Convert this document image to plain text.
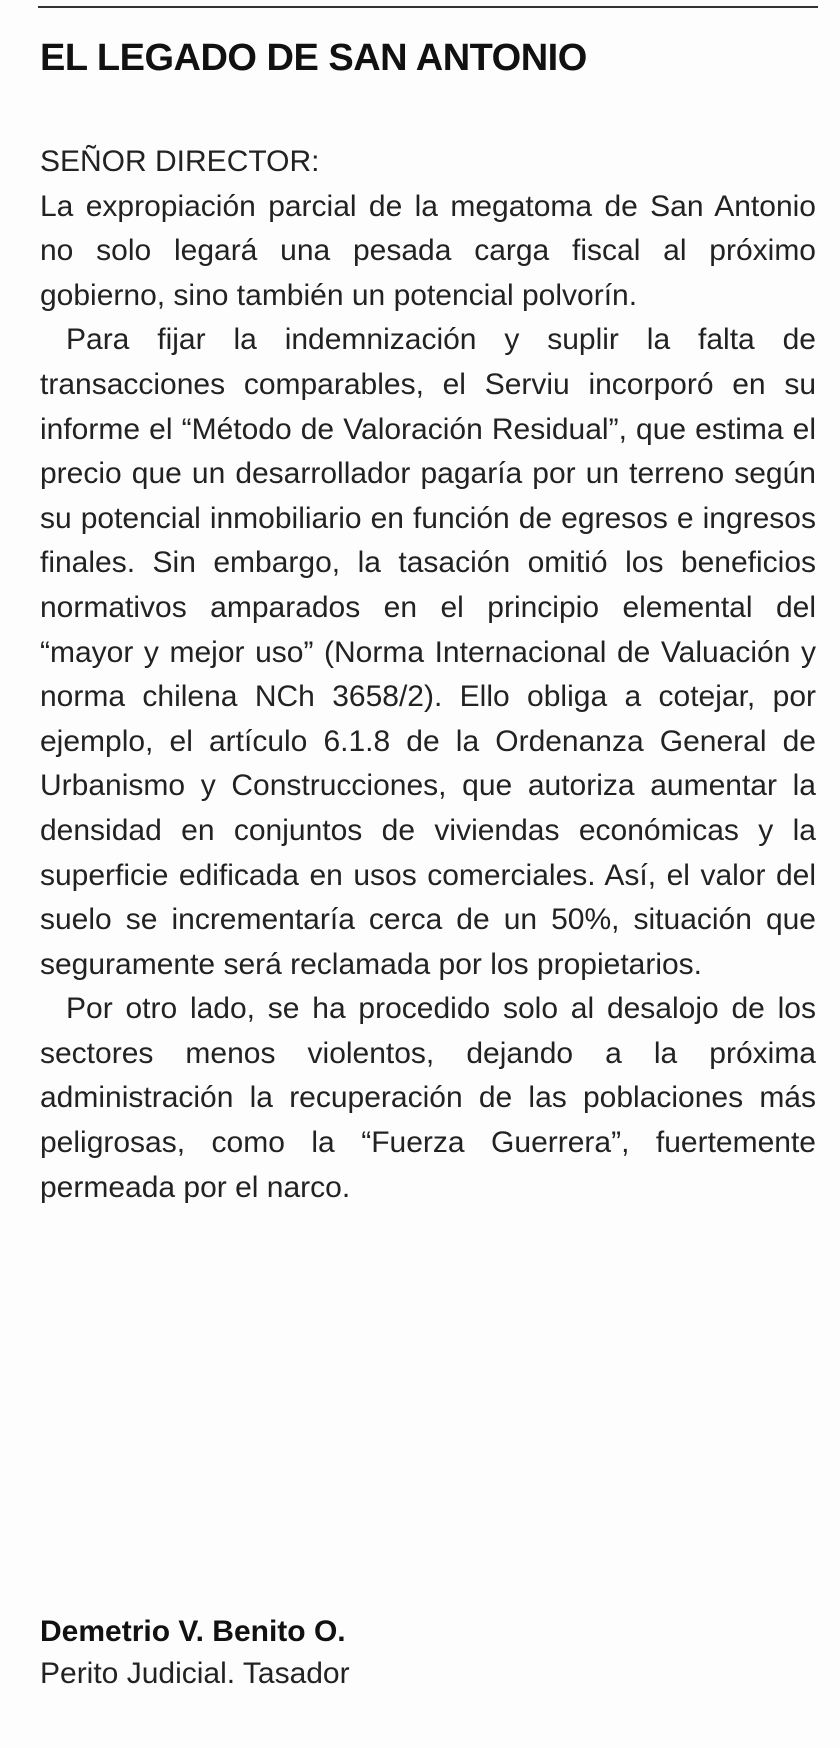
EL LEGADO DE SAN ANTONIO

SEÑOR DIRECTOR:

La expropiación parcial de la megatoma de San Antonio no solo legará una pesada carga fiscal al próximo gobierno, sino también un potencial polvorín.

Para fijar la indemnización y suplir la falta de transacciones comparables, el Serviu incorporó en su informe el “Método de Valoración Residual”, que estima el precio que un desarrollador pagaría por un terreno según su potencial inmobiliario en función de egresos e ingresos finales. Sin embargo, la tasación omitió los beneficios normativos amparados en el principio elemental del “mayor y mejor uso” (Norma Internacional de Valuación y norma chilena NCh 3658/2). Ello obliga a cotejar, por ejemplo, el artículo 6.1.8 de la Ordenanza General de Urbanismo y Construcciones, que autoriza aumentar la densidad en conjuntos de viviendas económicas y la superficie edificada en usos comerciales. Así, el valor del suelo se incrementaría cerca de un 50%, situación que seguramente será reclamada por los propietarios.

Por otro lado, se ha procedido solo al desalojo de los sectores menos violentos, dejando a la próxima administración la recuperación de las poblaciones más peligrosas, como la “Fuerza Guerrera”, fuertemente permeada por el narco.

Demetrio V. Benito O.

Perito Judicial. Tasador
